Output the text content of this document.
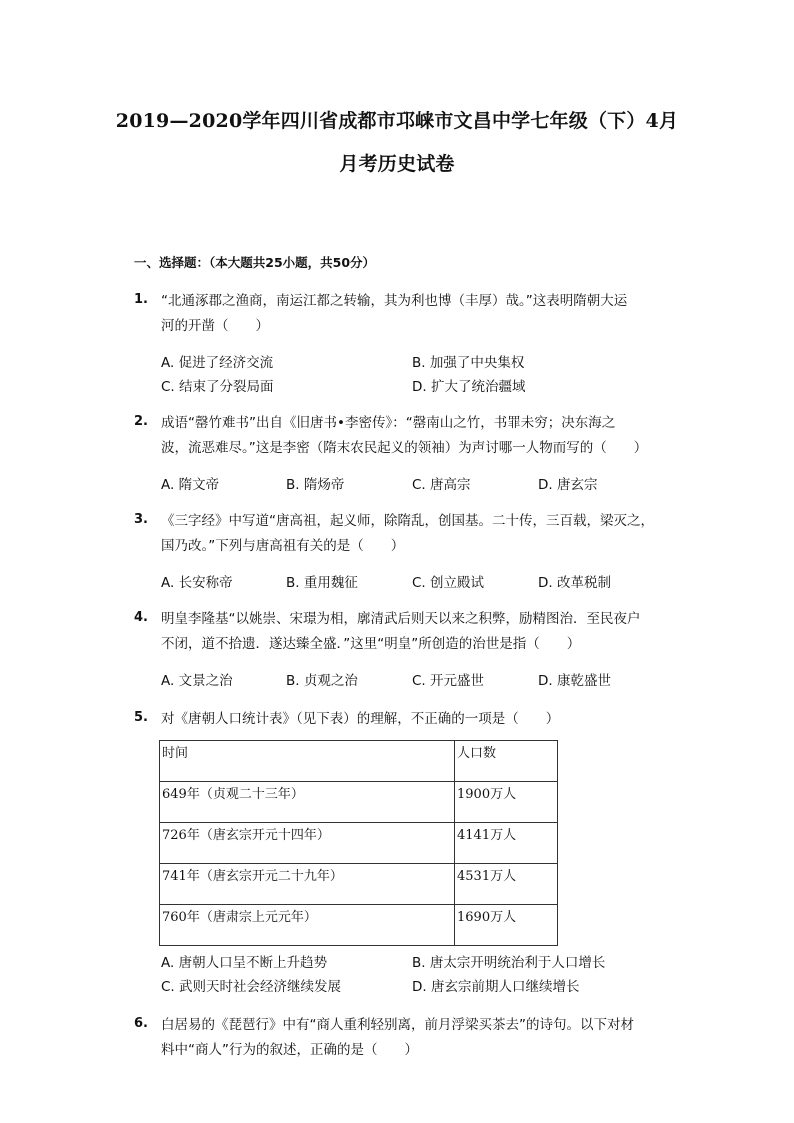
2019—2020学年四川省成都市邛崃市文昌中学七年级（下）4月
月考历史试卷
一、选择题：（本大题共25小题，共50分）
1. “北通涿郡之渔商，南运江都之转输，其为利也博（丰厚）哉。”这表明隋朝大运
河的开凿（　　）
A. 促进了经济交流	B. 加强了中央集权
C. 结束了分裂局面	D. 扩大了统治疆域
2. 成语“罄竹难书”出自《旧唐书•李密传》：“罄南山之竹，书罪未穷；决东海之
波，流恶难尽。”这是李密（隋末农民起义的领袖）为声讨哪一人物而写的（　　）
A. 隋文帝	B. 隋炀帝	C. 唐高宗	D. 唐玄宗
3. 《三字经》中写道“唐高祖，起义师，除隋乱，创国基。二十传，三百载，梁灭之，
国乃改。”下列与唐高祖有关的是（　　）
A. 长安称帝	B. 重用魏征	C. 创立殿试	D. 改革税制
4. 明皇李隆基“以姚崇、宋璟为相，廓清武后则天以来之积弊，励精图治．至民夜户
不闭，道不拾遗．遂达臻全盛．”这里“明皇”所创造的治世是指（　　）
A. 文景之治	B. 贞观之治	C. 开元盛世	D. 康乾盛世
5. 对《唐朝人口统计表》（见下表）的理解，不正确的一项是（　　）
时间	人口数
649年（贞观二十三年）	1900万人
726年（唐玄宗开元十四年）	4141万人
741年（唐玄宗开元二十九年）	4531万人
760年（唐肃宗上元元年）	1690万人
A. 唐朝人口呈不断上升趋势	B. 唐太宗开明统治利于人口增长
C. 武则天时社会经济继续发展	D. 唐玄宗前期人口继续增长
6. 白居易的《琵琶行》中有“商人重利轻别离，前月浮梁买茶去”的诗句。以下对材
料中“商人”行为的叙述，正确的是（　　）
